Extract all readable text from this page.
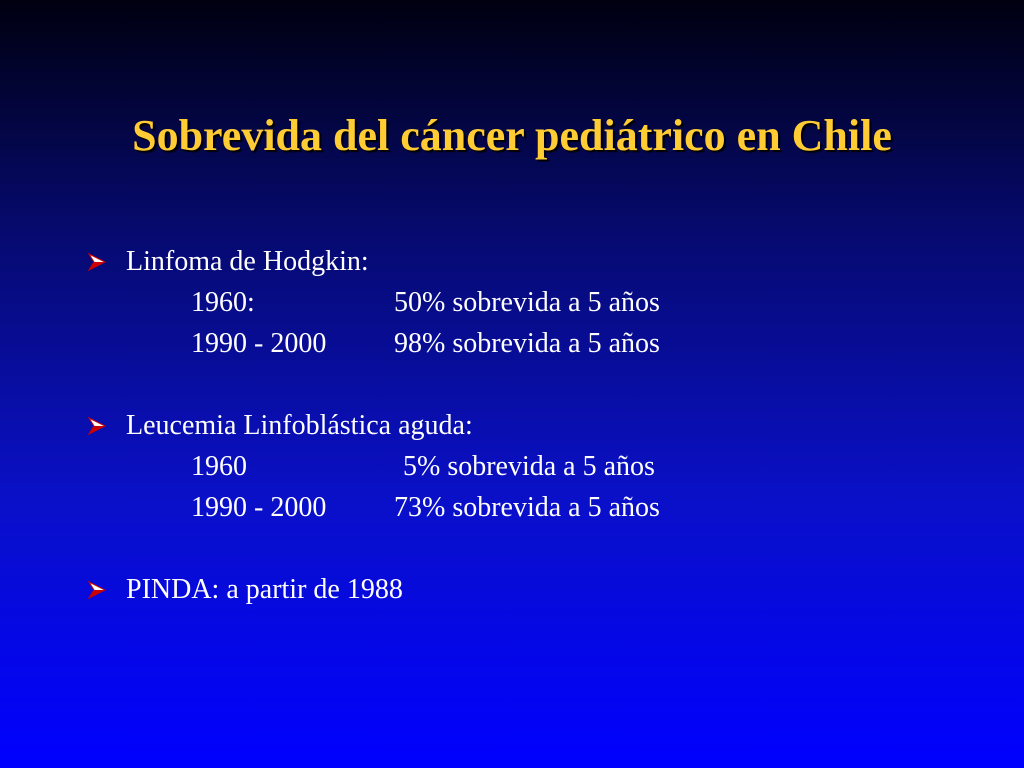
Sobrevida del cáncer pediátrico en Chile
Linfoma de Hodgkin:
1960:	50% sobrevida a 5 años
1990 - 2000 98% sobrevida a 5 años
Leucemia Linfoblástica aguda:
1960	5% sobrevida a 5 años
1990 - 2000 73% sobrevida a 5 años
PINDA: a partir de 1988
